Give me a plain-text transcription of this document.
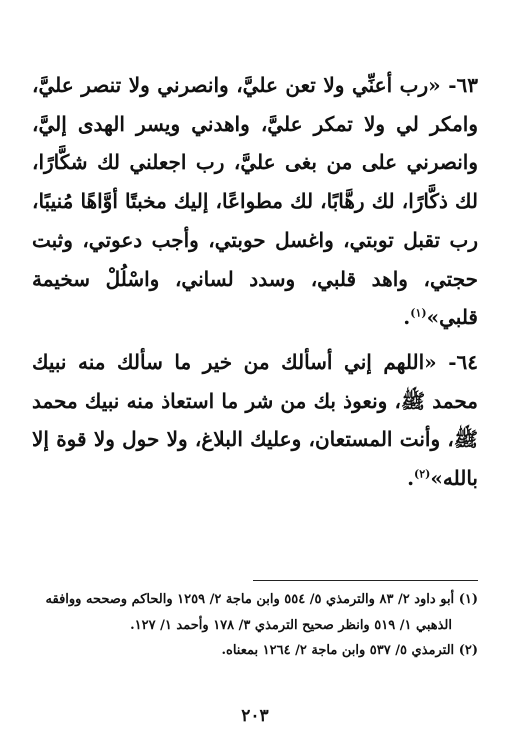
٦٣- «رب أعنِّي ولا تعن عليَّ، وانصرني ولا تنصر عليَّ، وامكر لي ولا تمكر عليَّ، واهدني ويسر الهدى إليَّ، وانصرني على من بغى عليَّ، رب اجعلني لك شكَّارًا، لك ذكَّارًا، لك رهَّابًا، لك مطواعًا، إليك مخبتًا أوَّاهًا مُنيبًا، رب تقبل توبتي، واغسل حوبتي، وأجب دعوتي، وثبت حجتي، واهد قلبي، وسدد لساني، واسْلُلْ سخيمة قلبي»$^{(١)}$.

٦٤- «اللهم إني أسألك من خير ما سألك منه نبيك محمد ﷺ، ونعوذ بك من شر ما استعاذ منه نبيك محمد ﷺ، وأنت المستعان، وعليك البلاغ، ولا حول ولا قوة إلا بالله»$^{(٢)}$.

(١) أبو داود ٢/ ٨٣ والترمذي ٥/ ٥٥٤ وابن ماجة ٢/ ١٢٥٩ والحاكم وصححه ووافقه الذهبي ١/ ٥١٩ وانظر صحيح الترمذي ٣/ ١٧٨ وأحمد ١/ ١٢٧.

(٢) الترمذي ٥/ ٥٣٧ وابن ماجة ٢/ ١٢٦٤ بمعناه.

٢٠٣
